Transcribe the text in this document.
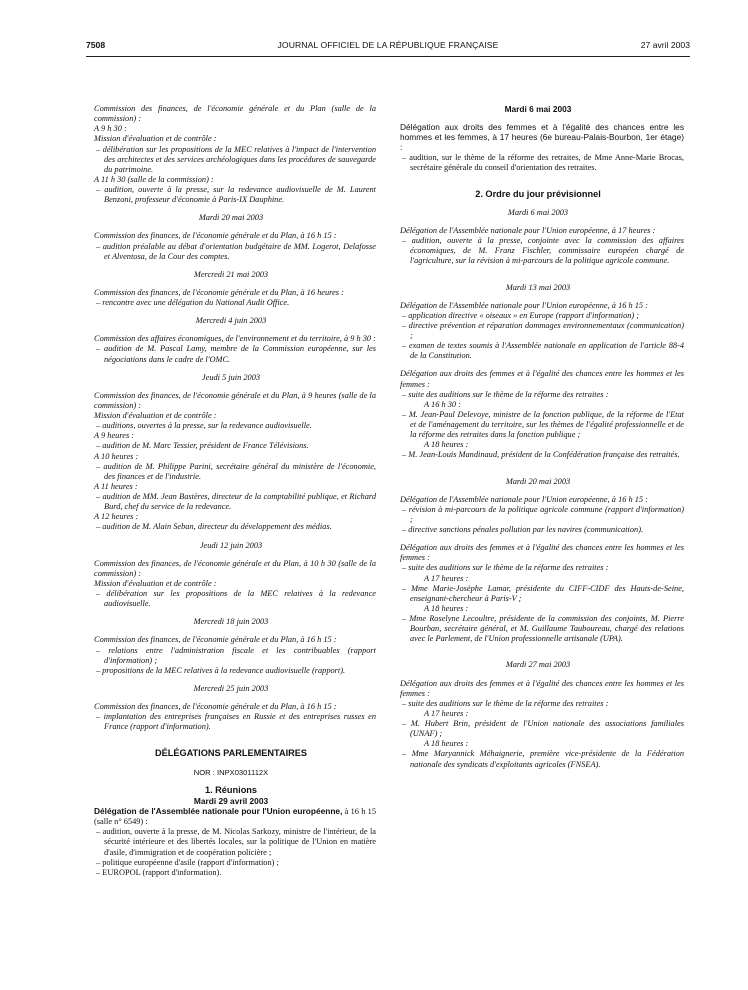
7508	JOURNAL OFFICIEL DE LA RÉPUBLIQUE FRANÇAISE	27 avril 2003

Commission des finances, de l'économie générale et du Plan (salle de la commission) :

A 9 h 30 :

Mission d'évaluation et de contrôle :

– délibération sur les propositions de la MEC relatives à l'impact de l'intervention des architectes et des services archéologiques dans les procédures de sauvegarde du patrimoine.

A 11 h 30 (salle de la commission) :

– audition, ouverte à la presse, sur la redevance audiovisuelle de M. Laurent Benzoni, professeur d'économie à Paris-IX Dauphine.

Mardi 20 mai 2003

Commission des finances, de l'économie générale et du Plan, à 16 h 15 :

– audition préalable au débat d'orientation budgétaire de MM. Logerot, Delafosse et Alventosa, de la Cour des comptes.

Mercredi 21 mai 2003

Commission des finances, de l'économie générale et du Plan, à 16 heures :

– rencontre avec une délégation du National Audit Office.

Mercredi 4 juin 2003

Commission des affaires économiques, de l'environnement et du territoire, à 9 h 30 :

– audition de M. Pascal Lamy, membre de la Commission européenne, sur les négociations dans le cadre de l'OMC.

Jeudi 5 juin 2003

Commission des finances, de l'économie générale et du Plan, à 9 heures (salle de la commission) :

Mission d'évaluation et de contrôle :

– auditions, ouvertes à la presse, sur la redevance audiovisuelle.

A 9 heures :

– audition de M. Marc Tessier, président de France Télévisions.

A 10 heures :

– audition de M. Philippe Parini, secrétaire général du ministère de l'économie, des finances et de l'industrie.

A 11 heures :

– audition de MM. Jean Bastères, directeur de la comptabilité publique, et Richard Burd, chef du service de la redevance.

A 12 heures :

– audition de M. Alain Seban, directeur du développement des médias.

Jeudi 12 juin 2003

Commission des finances, de l'économie générale et du Plan, à 10 h 30 (salle de la commission) :

Mission d'évaluation et de contrôle :

– délibération sur les propositions de la MEC relatives à la redevance audiovisuelle.

Mercredi 18 juin 2003

Commission des finances, de l'économie générale et du Plan, à 16 h 15 :

– relations entre l'administration fiscale et les contribuables (rapport d'information) ;

– propositions de la MEC relatives à la redevance audiovisuelle (rapport).

Mercredi 25 juin 2003

Commission des finances, de l'économie générale et du Plan, à 16 h 15 :

– implantation des entreprises françaises en Russie et des entreprises russes en France (rapport d'information).

DÉLÉGATIONS PARLEMENTAIRES

NOR : INPX0301112X

1. Réunions

Mardi 29 avril 2003

Délégation de l'Assemblée nationale pour l'Union européenne, à 16 h 15 (salle n° 6549) :

– audition, ouverte à la presse, de M. Nicolas Sarkozy, ministre de l'intérieur, de la sécurité intérieure et des libertés locales, sur la politique de l'Union en matière d'asile, d'immigration et de coopération policière ;

– politique européenne d'asile (rapport d'information) ;

– EUROPOL (rapport d'information).

Mardi 6 mai 2003

Délégation aux droits des femmes et à l'égalité des chances entre les hommes et les femmes, à 17 heures (6e bureau-Palais-Bourbon, 1er étage) :

– audition, sur le thème de la réforme des retraites, de Mme Anne-Marie Brocas, secrétaire générale du conseil d'orientation des retraites.

2. Ordre du jour prévisionnel

Mardi 6 mai 2003

Délégation de l'Assemblée nationale pour l'Union européenne, à 17 heures :

– audition, ouverte à la presse, conjointe avec la commission des affaires économiques, de M. Franz Fischler, commissaire européen chargé de l'agriculture, sur la révision à mi-parcours de la politique agricole commune.

Mardi 13 mai 2003

Délégation de l'Assemblée nationale pour l'Union européenne, à 16 h 15 :

– application directive « oiseaux » en Europe (rapport d'information) ;

– directive prévention et réparation dommages environnementaux (communication) ;

– examen de textes soumis à l'Assemblée nationale en application de l'article 88-4 de la Constitution.

Délégation aux droits des femmes et à l'égalité des chances entre les hommes et les femmes :

– suite des auditions sur le thème de la réforme des retraites :

A 16 h 30 :

– M. Jean-Paul Delevoye, ministre de la fonction publique, de la réforme de l'Etat et de l'aménagement du territoire, sur les thèmes de l'égalité professionnelle et de la réforme des retraites dans la fonction publique ;

A 18 heures :

– M. Jean-Louis Mandinaud, président de la Confédération française des retraités.

Mardi 20 mai 2003

Délégation de l'Assemblée nationale pour l'Union européenne, à 16 h 15 :

– révision à mi-parcours de la politique agricole commune (rapport d'information) ;

– directive sanctions pénales pollution par les navires (communication).

Délégation aux droits des femmes et à l'égalité des chances entre les hommes et les femmes :

– suite des auditions sur le thème de la réforme des retraites :

A 17 heures :

– Mme Marie-Josèphe Lamar, présidente du CIFF-CIDF des Hauts-de-Seine, enseignant-chercheur à Paris-V ;

A 18 heures :

– Mme Roselyne Lecoultre, présidente de la commission des conjoints, M. Pierre Bourban, secrétaire général, et M. Guillaume Tauboureau, chargé des relations avec le Parlement, de l'Union professionnelle artisanale (UPA).

Mardi 27 mai 2003

Délégation aux droits des femmes et à l'égalité des chances entre les hommes et les femmes :

– suite des auditions sur le thème de la réforme des retraites :

A 17 heures :

– M. Hubert Brin, président de l'Union nationale des associations familiales (UNAF) ;

A 18 heures :

– Mme Maryannick Méhaignerie, première vice-présidente de la Fédération nationale des syndicats d'exploitants agricoles (FNSEA).
